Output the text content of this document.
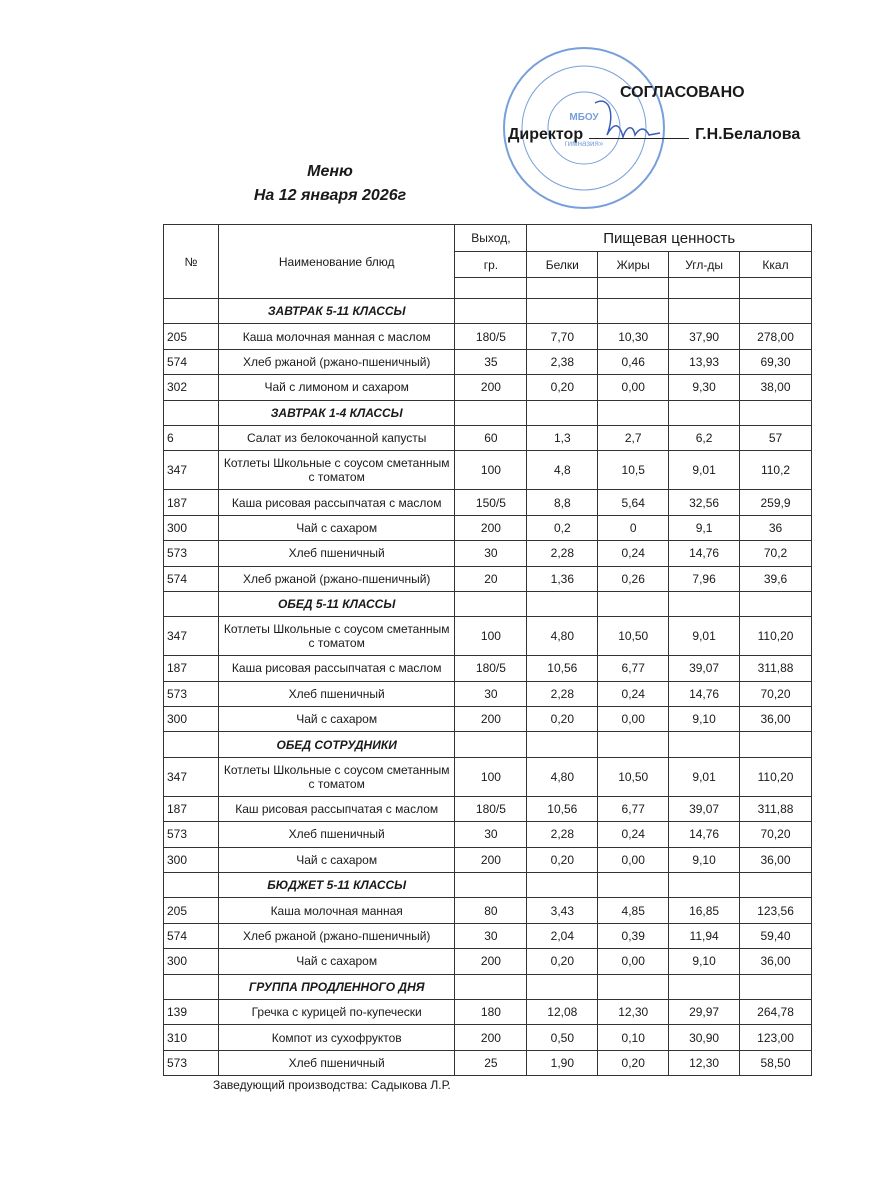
МБОУ
гимназия»
СОГЛАСОВАНО
Директор	Г.Н.Белалова
Меню
На 12 января 2026г
№	Наименование блюд	Выход,	Пищевая ценность			
		гр.	Белки	Жиры	Угл-ды	Ккал

	ЗАВТРАК 5-11 КЛАССЫ					
205	Каша молочная манная с маслом	180/5	7,70	10,30	37,90	278,00
574	Хлеб ржаной (ржано-пшеничный)	35	2,38	0,46	13,93	69,30
302	Чай с лимоном и сахаром	200	0,20	0,00	9,30	38,00
	ЗАВТРАК 1-4 КЛАССЫ					
6	Салат из белокочанной капусты	60	1,3	2,7	6,2	57
347	Котлеты Школьные с соусом сметанным с томатом	100	4,8	10,5	9,01	110,2
187	Каша рисовая рассыпчатая с маслом	150/5	8,8	5,64	32,56	259,9
300	Чай с сахаром	200	0,2	0	9,1	36
573	Хлеб пшеничный	30	2,28	0,24	14,76	70,2
574	Хлеб ржаной (ржано-пшеничный)	20	1,36	0,26	7,96	39,6
	ОБЕД 5-11 КЛАССЫ					
347	Котлеты Школьные с соусом сметанным с томатом	100	4,80	10,50	9,01	110,20
187	Каша рисовая рассыпчатая с маслом	180/5	10,56	6,77	39,07	311,88
573	Хлеб пшеничный	30	2,28	0,24	14,76	70,20
300	Чай с сахаром	200	0,20	0,00	9,10	36,00
	ОБЕД СОТРУДНИКИ					
347	Котлеты Школьные с соусом сметанным с томатом	100	4,80	10,50	9,01	110,20
187	Каш рисовая рассыпчатая с маслом	180/5	10,56	6,77	39,07	311,88
573	Хлеб пшеничный	30	2,28	0,24	14,76	70,20
300	Чай с сахаром	200	0,20	0,00	9,10	36,00
	БЮДЖЕТ 5-11 КЛАССЫ					
205	Каша молочная манная	80	3,43	4,85	16,85	123,56
574	Хлеб ржаной (ржано-пшеничный)	30	2,04	0,39	11,94	59,40
300	Чай с сахаром	200	0,20	0,00	9,10	36,00
	ГРУППА ПРОДЛЕННОГО ДНЯ					
139	Гречка с курицей по-купечески	180	12,08	12,30	29,97	264,78
310	Компот из сухофруктов	200	0,50	0,10	30,90	123,00
573	Хлеб пшеничный	25	1,90	0,20	12,30	58,50
Заведующий производства: Садыкова Л.Р.
